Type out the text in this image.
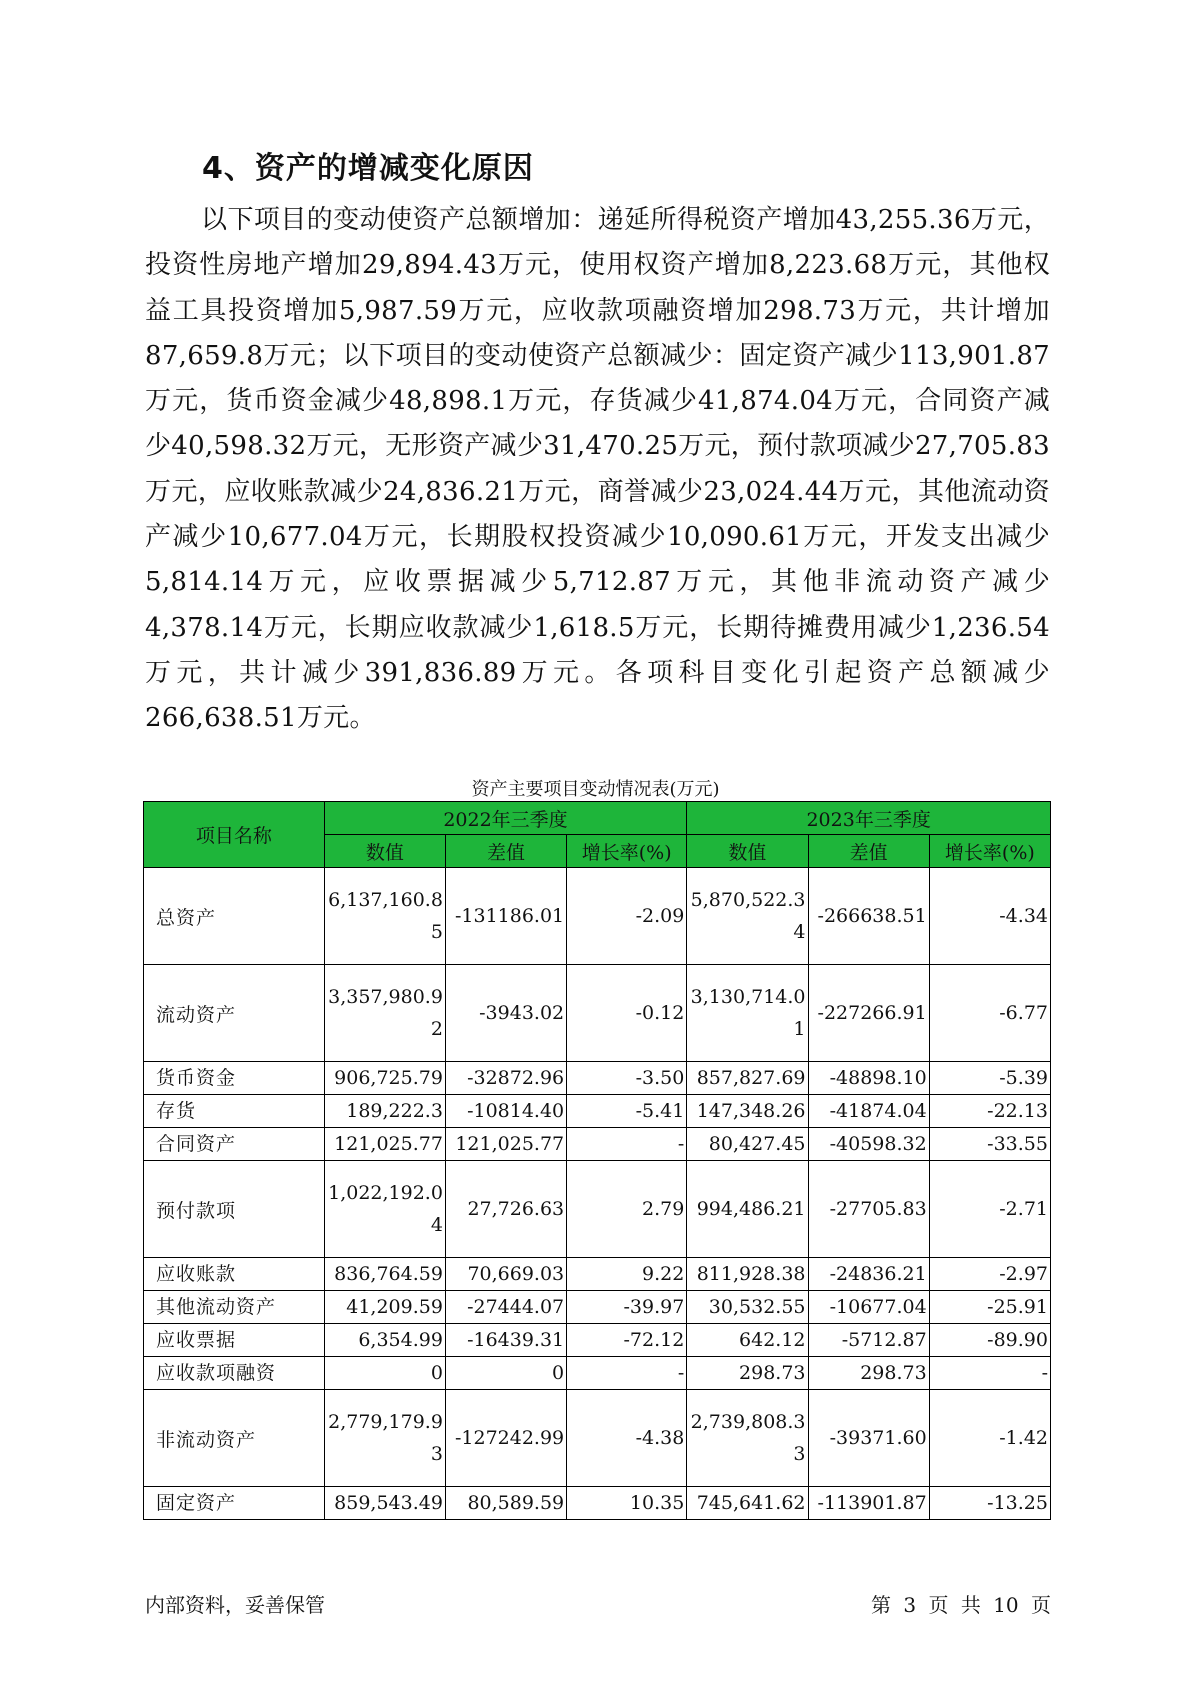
4、资产的增减变化原因
以下项目的变动使资产总额增加：递延所得税资产增加43,255.36万元，投资性房地产增加29,894.43万元，使用权资产增加8,223.68万元，其他权益工具投资增加5,987.59万元，应收款项融资增加298.73万元，共计增加87,659.8万元；以下项目的变动使资产总额减少：固定资产减少113,901.87万元，货币资金减少48,898.1万元，存货减少41,874.04万元，合同资产减少40,598.32万元，无形资产减少31,470.25万元，预付款项减少27,705.83万元，应收账款减少24,836.21万元，商誉减少23,024.44万元，其他流动资产减少10,677.04万元，长期股权投资减少10,090.61万元，开发支出减少5,814.14万元，应收票据减少5,712.87万元，其他非流动资产减少4,378.14万元，长期应收款减少1,618.5万元，长期待摊费用减少1,236.54万元，共计减少391,836.89万元。各项科目变化引起资产总额减少266,638.51万元。
资产主要项目变动情况表(万元)
项目名称	2022年三季度			2023年三季度		
	数值	差值	增长率(%)	数值	差值	增长率(%)
总资产	6,137,160.85	-131186.01	-2.09	5,870,522.34	-266638.51	-4.34
流动资产	3,357,980.92	-3943.02	-0.12	3,130,714.01	-227266.91	-6.77
货币资金	906,725.79	-32872.96	-3.50	857,827.69	-48898.10	-5.39
存货	189,222.3	-10814.40	-5.41	147,348.26	-41874.04	-22.13
合同资产	121,025.77	121,025.77	-	80,427.45	-40598.32	-33.55
预付款项	1,022,192.04	27,726.63	2.79	994,486.21	-27705.83	-2.71
应收账款	836,764.59	70,669.03	9.22	811,928.38	-24836.21	-2.97
其他流动资产	41,209.59	-27444.07	-39.97	30,532.55	-10677.04	-25.91
应收票据	6,354.99	-16439.31	-72.12	642.12	-5712.87	-89.90
应收款项融资	0	0	-	298.73	298.73	-
非流动资产	2,779,179.93	-127242.99	-4.38	2,739,808.33	-39371.60	-1.42
固定资产	859,543.49	80,589.59	10.35	745,641.62	-113901.87	-13.25
内部资料，妥善保管	第 3 页 共 10 页
